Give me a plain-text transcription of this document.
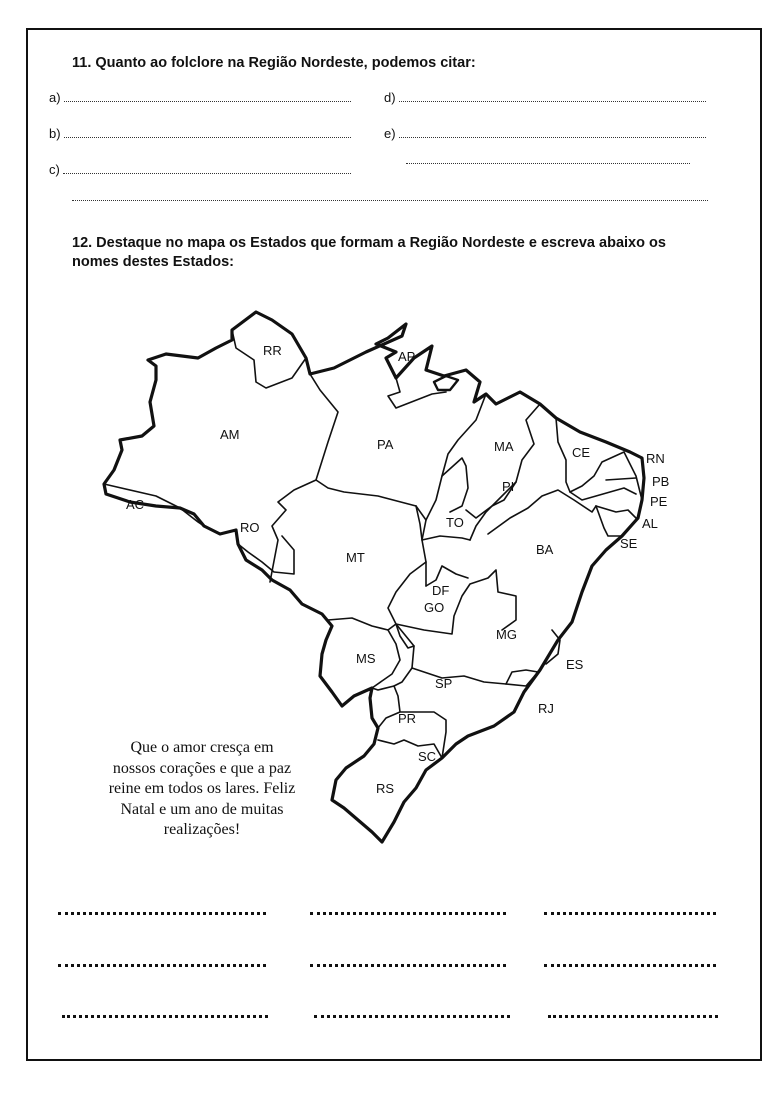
11. Quanto ao folclore na Região Nordeste, podemos citar:
a)
b)
c)
d)
e)
12. Destaque no mapa os Estados que formam a Região Nordeste e escreva abaixo os
nomes destes Estados:
RR	AP
AM
PA	MA	CE	RN
PB
PE
AL
SE
PI
AC
RO
MT
TO
BA
DF
GO
MG
ES
MS
SP
RJ
PR
SC
RS
Que o amor cresça em
nossos corações e que a paz
reine em todos os lares. Feliz
Natal e um ano de muitas
realizações!
